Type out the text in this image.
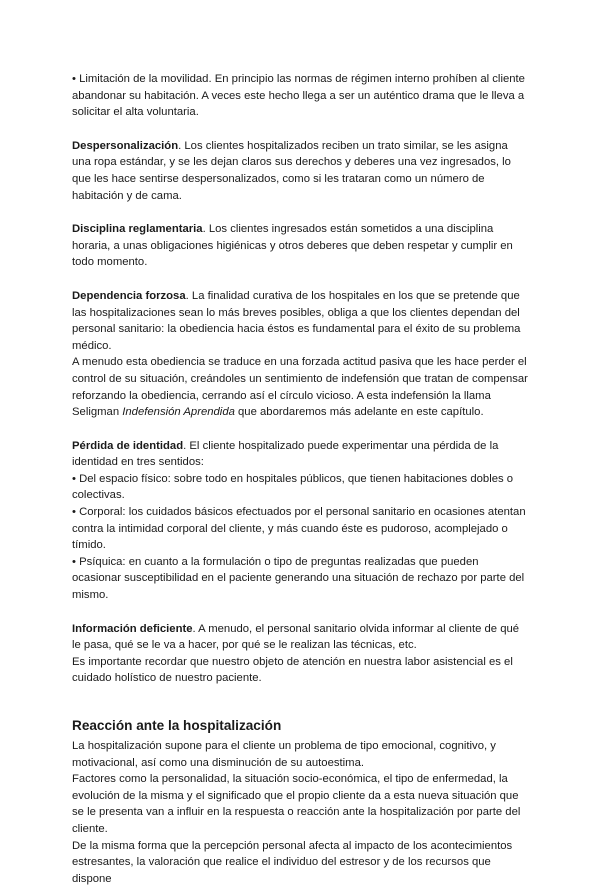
• Limitación de la movilidad. En principio las normas de régimen interno prohíben al cliente abandonar su habitación. A veces este hecho llega a ser un auténtico drama que le lleva a solicitar el alta voluntaria.

Despersonalización. Los clientes hospitalizados reciben un trato similar, se les asigna una ropa estándar, y se les dejan claros sus derechos y deberes una vez ingresados, lo que les hace sentirse despersonalizados, como si les trataran como un número de habitación y de cama.

Disciplina reglamentaria. Los clientes ingresados están sometidos a una disciplina horaria, a unas obligaciones higiénicas y otros deberes que deben respetar y cumplir en todo momento.

Dependencia forzosa. La finalidad curativa de los hospitales en los que se pretende que las hospitalizaciones sean lo más breves posibles, obliga a que los clientes dependan del personal sanitario: la obediencia hacia éstos es fundamental para el éxito de su problema médico.

A menudo esta obediencia se traduce en una forzada actitud pasiva que les hace perder el control de su situación, creándoles un sentimiento de indefensión que tratan de compensar reforzando la obediencia, cerrando así el círculo vicioso. A esta indefensión la llama Seligman Indefensión Aprendida que abordaremos más adelante en este capítulo.

Pérdida de identidad. El cliente hospitalizado puede experimentar una pérdida de la identidad en tres sentidos:

• Del espacio físico: sobre todo en hospitales públicos, que tienen habitaciones dobles o colectivas.

• Corporal: los cuidados básicos efectuados por el personal sanitario en ocasiones atentan contra la intimidad corporal del cliente, y más cuando éste es pudoroso, acomplejado o tímido.

• Psíquica: en cuanto a la formulación o tipo de preguntas realizadas que pueden ocasionar susceptibilidad en el paciente generando una situación de rechazo por parte del mismo.

Información deficiente. A menudo, el personal sanitario olvida informar al cliente de qué le pasa, qué se le va a hacer, por qué se le realizan las técnicas, etc.

Es importante recordar que nuestro objeto de atención en nuestra labor asistencial es el cuidado holístico de nuestro paciente.

Reacción ante la hospitalización

La hospitalización supone para el cliente un problema de tipo emocional, cognitivo, y motivacional, así como una disminución de su autoestima.

Factores como la personalidad, la situación socio-económica, el tipo de enfermedad, la evolución de la misma y el significado que el propio cliente da a esta nueva situación que se le presenta van a influir en la respuesta o reacción ante la hospitalización por parte del cliente.

De la misma forma que la percepción personal afecta al impacto de los acontecimientos estresantes, la valoración que realice el individuo del estresor y de los recursos que dispone
